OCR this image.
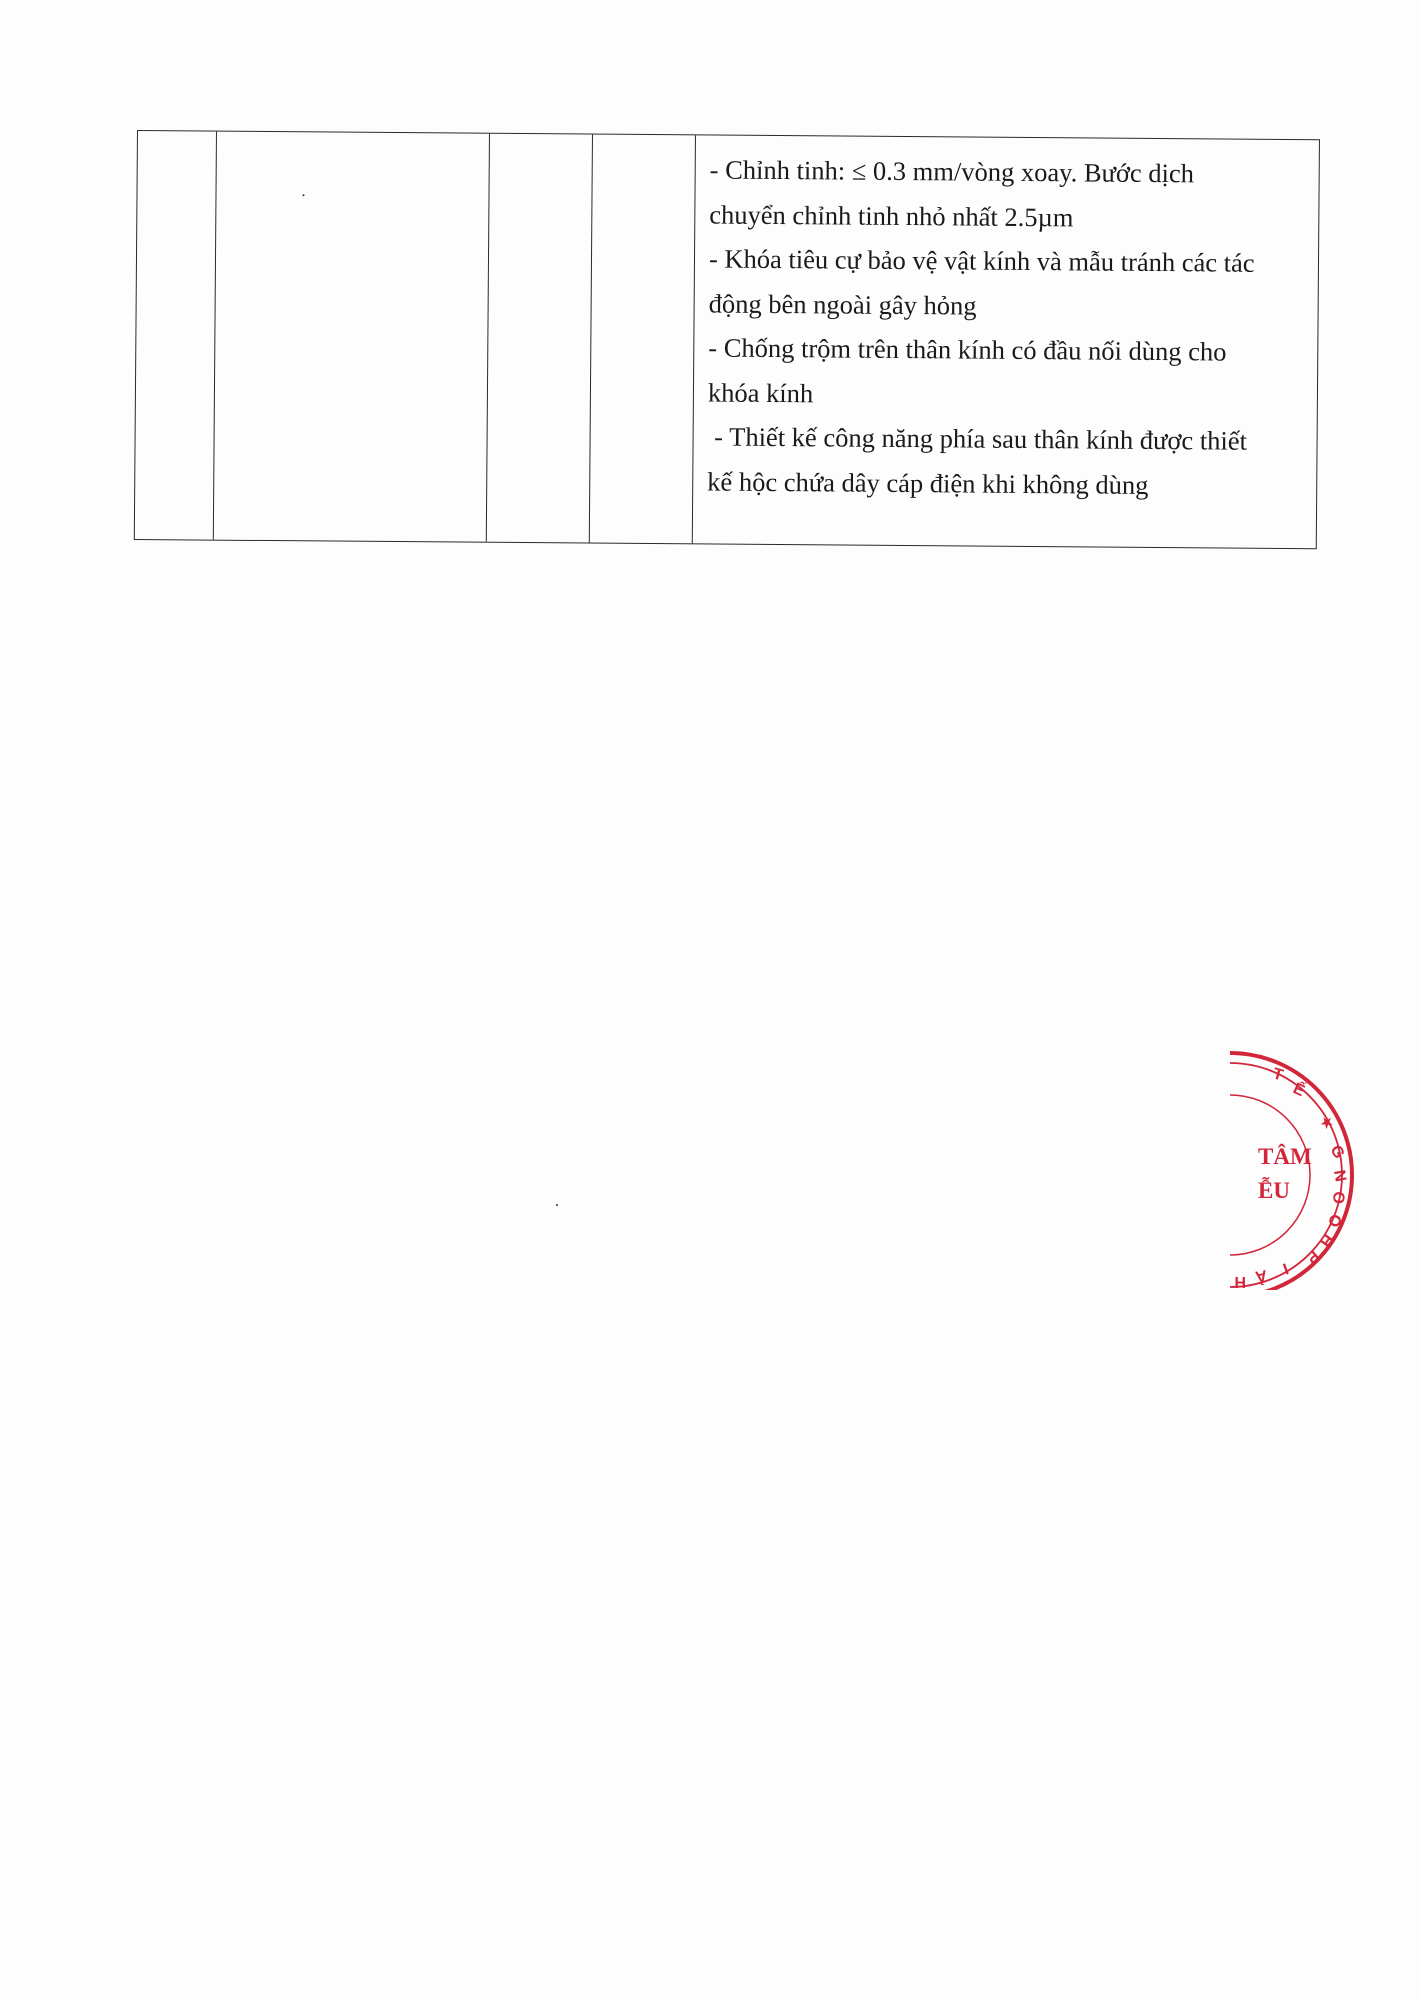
- Chỉnh tinh: ≤ 0.3 mm/vòng xoay. Bước dịch
chuyển chỉnh tinh nhỏ nhất 2.5µm
- Khóa tiêu cự bảo vệ vật kính và mẫu tránh các tác
động bên ngoài gây hỏng
- Chống trộm trên thân kính có đầu nối dùng cho
khóa kính
- Thiết kế công năng phía sau thân kính được thiết
kế hộc chứa dây cáp điện khi không dùng
T
Ế
★
G
N
O
Ò
H
P
I
Ả
H
TÂM
ỄU
